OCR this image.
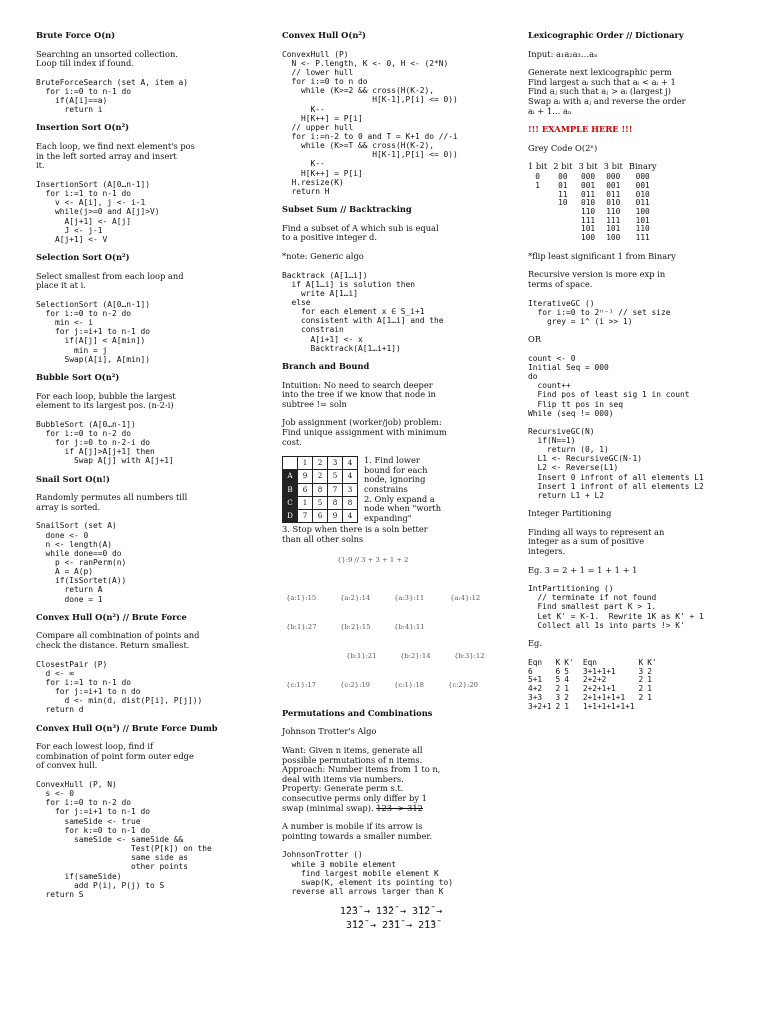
Brute Force O(n)
Searching an unsorted collection.
Loop till index if found.
BruteForceSearch (set A, item a)
for i:=0 to n-1 do
if(A[i]==a)
return i
Insertion Sort O(n²)
Each loop, we find next element's pos
in the left sorted array and insert
it.
InsertionSort (A[0…n-1])
for i:=1 to n-1 do
v <- A[i], j <- i-1
while(j>=0 and A[j]>V)
A[j+1] <- A[j]
J <- j-1
A[j+1] <- V
Selection Sort O(n²)
Select smallest from each loop and
place it at i.
SelectionSort (A[0…n-1])
for i:=0 to n-2 do
min <- i
for j:=i+1 to n-1 do
if(A[j] < A[min])
min = j
Swap(A[i], A[min])
Bubble Sort O(n²)
For each loop, bubble the largest
element to its largest pos. (n-2-i)
BubbleSort (A[0…n-1])
for i:=0 to n-2 do
for j:=0 to n-2-i do
if A[j]>A[j+1] then
Swap A[j] with A[j+1]
Snail Sort O(n!)
Randomly permutes all numbers till
array is sorted.
SnailSort (set A)
done <- 0
n <- length(A)
while done==0 do
p <- ranPerm(n)
A = A(p)
if(IsSortet(A))
return A
done = 1
Convex Hull O(n²) // Brute Force
Compare all combination of points and
check the distance. Return smallest.
ClosestPair (P)
d <- ∞
for i:=1 to n-1 do
for j:=i+1 to n do
d <- min(d, dist(P[i], P[j]))
return d
Convex Hull O(n³) // Brute Force Dumb
For each lowest loop, find if
combination of point form outer edge
of convex hull.
ConvexHull (P, N)
s <- 0
for i:=0 to n-2 do
for j:=i+1 to n-1 do
sameSide <- true
for k:=0 to n-1 do
sameSide <- sameSide &&
Test(P[k]) on the
same side as
other points
if(sameSide)
add P(i), P(j) to S
return S
Convex Hull O(n²)
ConvexHull (P)
N <- P.length, K <- 0, H <- (2*N)
// lower hull
for i:=0 to n do
while (K>=2 && cross(H(K-2),
H[K-1],P[i] <= 0))
K--
H[K++] = P[i]
// upper hull
for i:=n-2 to 0 and T = K+1 do //-i
while (K>=T && cross(H(K-2),
H[K-1],P[i] <= 0))
K--
H[K++] = P[i]
H.resize(K)
return H
Subset Sum // Backtracking
Find a subset of A which sub is equal
to a positive integer d.
*note: Generic algo
Backtrack (A[1…i])
if A[1…i] is solution then
write A[1…i]
else
for each element x ∈ S_i+1
consistent with A[1…i] and the
constrain
A[i+1] <- x
Backtrack(A[1…i+1])
Branch and Bound
Intuition: No need to search deeper
into the tree if we know that node in
subtree != soln
Job assignment (worker/job) problem:
Find unique assignment with minimum
cost.
	1	2	3	4
A	9	2	5	4
B	6	8	7	3
C	1	5	8	8
D	7	6	9	4
1. Find lower
bound for each
node, ignoring
constrains
2. Only expand a
node when "worth
expanding"
3. Stop when there is a soln better
than all other solns
{}:9 // 3 + 3 + 1 + 2
{a:1}:15	{a:2}:14	{a:3}:11	{a:4}:12
{b:1}:27	{b:2}:15	{b:4}:11
{b:1}:21	{b:2}:14	{b:3}:12
{c:1}:17	{c:2}:19	{c:1}:18	{c:2}:20
Permutations and Combinations
Johnson Trotter's Algo
Want: Given n items, generate all
possible permutations of n items.
Approach: Number items from 1 to n,
deal with items via numbers.
Property: Generate perm s.t.
consecutive perms only differ by 1
swap (minimal swap). 123 -> 312
A number is mobile if its arrow is
pointing towards a smaller number.
JohnsonTrotter ()
while ∃ mobile element
find largest mobile element K
swap(K, element its pointing to)
reverse all arrows larger than K
1̄2̄3̄ → 1̄3̄2̄ → 3̄1̄2̄ →
3̄1̄2̄ → 2̄3̄1̄ → 2̄1̄3̄
Lexicographic Order // Dictionary
Input: a₁a₂a₃…aₙ
Generate next lexicographic perm
Find largest aᵢ such that aᵢ < aᵢ + 1
Find aⱼ such that aⱼ > aᵢ (largest j)
Swap aᵢ with aⱼ and reverse the order
aᵢ + 1… aₙ
!!! EXAMPLE HERE !!!
Grey Code O(2ⁿ)
1 bit	2 bit	3 bit	3 bit	Binary
0	00	000	000	000
1	01	001	001	001
	11	011	011	010
	10	010	010	011
		110	110	100
		111	111	101
		101	101	110
		100	100	111
*flip least significant 1 from Binary
Recursive version is more exp in
terms of space.
IterativeGC ()
for i:=0 to 2ⁿ⁻¹ // set size
grey = i^ (i >> 1)
OR
count <- 0
Initial Seq = 000
do
count++
Find pos of least sig 1 in count
Flip tt pos in seq
While (seq != 000)
RecursiveGC(N)
if(N==1)
return (0, 1)
L1 <- RecursiveGC(N-1)
L2 <- Reverse(L1)
Insert 0 infront of all elements L1
Insert 1 infront of all elements L2
return L1 + L2
Integer Partitioning
Finding all ways to represent an
integer as a sum of positive
integers.
Eg. 3 = 2 + 1 = 1 + 1 + 1
IntPartitioning ()
// terminate if not found
Find smallest part K > 1.
Let K' = K-1.  Rewrite 1K as K' + 1
Collect all 1s into parts !> K'
Eg.
Eqn	K	K'	Eqn	K	K'
6	6	5	3+1+1+1	3	2
5+1	5	4	2+2+2	2	1
4+2	2	1	2+2+1+1	2	1
3+3	3	2	2+1+1+1+1	2	1
3+2+1	2	1	1+1+1+1+1+1		
